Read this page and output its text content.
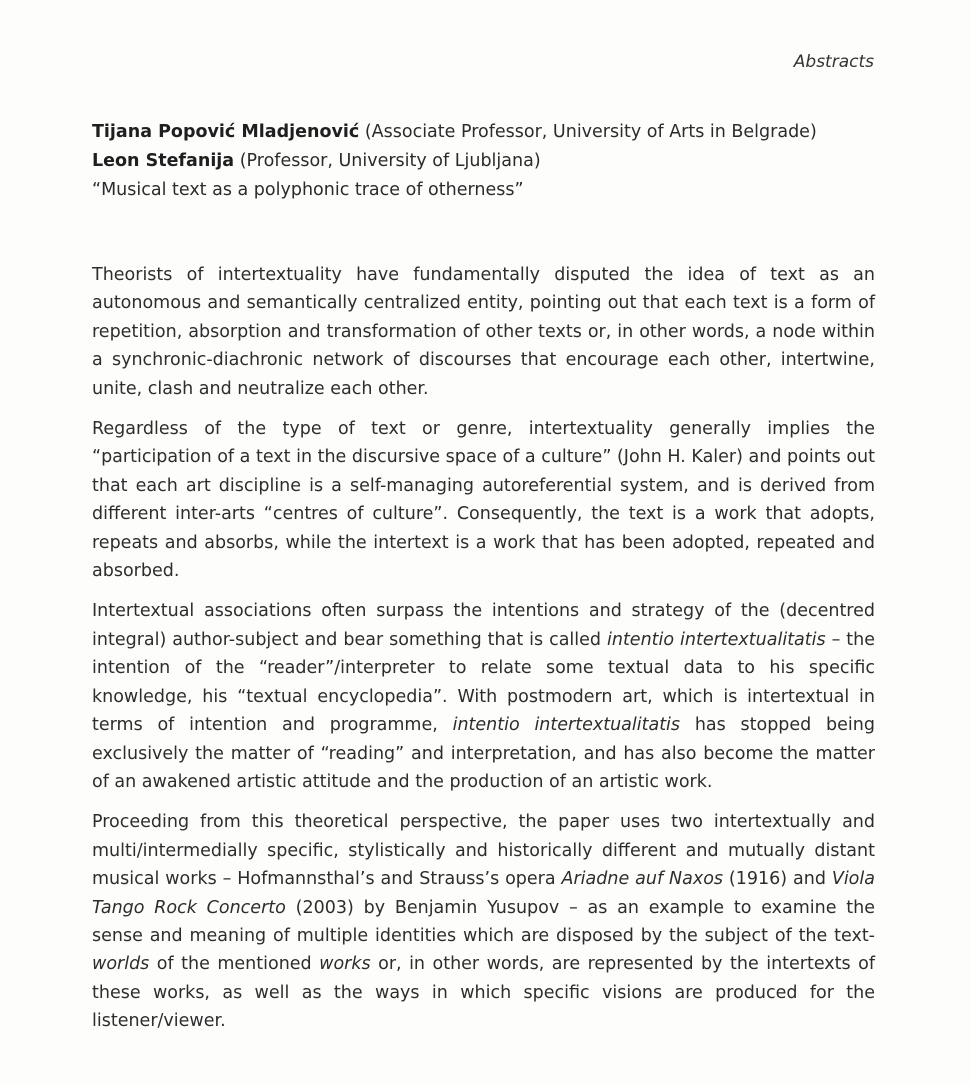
Abstracts
Tijana Popović Mladjenović (Associate Professor, University of Arts in Belgrade)
Leon Stefanija (Professor, University of Ljubljana)
“Musical text as a polyphonic trace of otherness”

Theorists of intertextuality have fundamentally disputed the idea of text as an autonomous and semantically centralized entity, pointing out that each text is a form of repetition, absorption and transformation of other texts or, in other words, a node within a synchronic-diachronic network of discourses that encourage each other, intertwine, unite, clash and neutralize each other.

Regardless of the type of text or genre, intertextuality generally implies the “participation of a text in the discursive space of a culture” (John H. Kaler) and points out that each art discipline is a self-managing autoreferential system, and is derived from different inter-arts “centres of culture”. Consequently, the text is a work that adopts, repeats and absorbs, while the intertext is a work that has been adopted, repeated and absorbed.

Intertextual associations often surpass the intentions and strategy of the (decentred integral) author-subject and bear something that is called intentio intertextualitatis – the intention of the “reader”/interpreter to relate some textual data to his specific knowledge, his “textual encyclopedia”. With postmodern art, which is intertextual in terms of intention and programme, intentio intertextualitatis has stopped being exclusively the matter of “reading” and interpretation, and has also become the matter of an awakened artistic attitude and the production of an artistic work.

Proceeding from this theoretical perspective, the paper uses two intertextually and multi/intermedially specific, stylistically and historically different and mutually distant musical works – Hofmannsthal’s and Strauss’s opera Ariadne auf Naxos (1916) and Viola Tango Rock Concerto (2003) by Benjamin Yusupov – as an example to examine the sense and meaning of multiple identities which are disposed by the subject of the text-worlds of the mentioned works or, in other words, are represented by the intertexts of these works, as well as the ways in which specific visions are produced for the listener/viewer.
